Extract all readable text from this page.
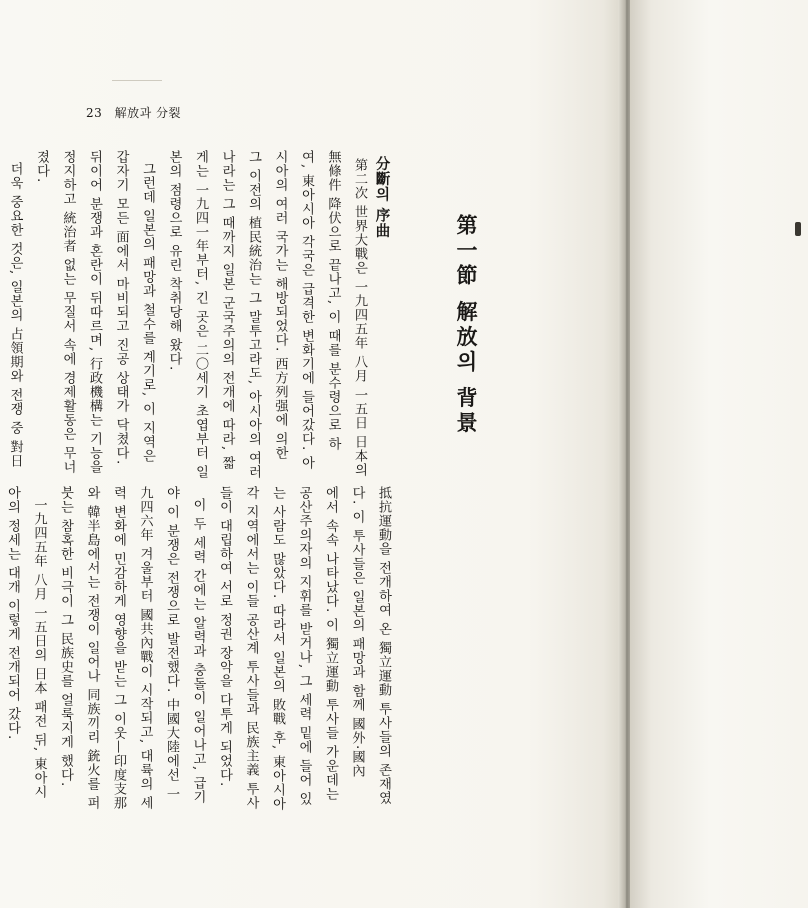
23 解放과 分裂
第一節 解放의 背景
分斷의 序曲
第二次 世界大戰은 一九四五年 八月 一五日 日本의
無條件 降伏으로 끝나고, 이 때를 분수령으로 하
여, 東아시아 각국은 급격한 변화기에 들어갔다. 아
시아의 여러 국가는 해방되었다. 西方列强에 의한
그 이전의 植民統治는 그 말투고라도, 아시아의 여러
나라는 그 때까지 일본 군국주의의 전개에 따라, 짧
게는 一九四一年부터, 긴 곳은 二〇세기 초엽부터 일
본의 점령으로 유린 착취당해 왔다.
그런데 일본의 패망과 철수를 계기로, 이 지역은
갑자기 모든 面에서 마비되고 진공 상태가 닥쳤다.
뒤이어 분쟁과 혼란이 뒤따르며, 行政機構는 기능을
정지하고 統治者 없는 무질서 속에 경제활동은 무너
졌다.
더욱 중요한 것은, 일본의 占領期와 전쟁 중 對日
抵抗運動을 전개하여 온 獨立運動 투사들의 존재였
다. 이 투사들은 일본의 패망과 함께 國外·國內
에서 속속 나타났다. 이 獨立運動 투사들 가운데는
공산주의자의 지휘를 받거나, 그 세력 밑에 들어 있
는 사람도 많았다. 따라서 일본의 敗戰 후, 東아시아
각 지역에서는 이들 공산계 투사들과 民族主義 투사
들이 대립하여 서로 정권 장악을 다투게 되었다.
이 두 세력 간에는 알력과 충돌이 일어나고, 급기
야 이 분쟁은 전쟁으로 발전했다. 中國大陸에선 一
九四六年 겨울부터 國共內戰이 시작되고, 대륙의 세
력 변화에 민감하게 영향을 받는 그 이웃—印度支那
와 韓半島에서는 전쟁이 일어나 同族끼리 銃火를 퍼
붓는 참혹한 비극이 그 民族史를 얼룩지게 했다.
一九四五年 八月 一五日의 日本 패전 뒤, 東아시
아의 정세는 대개 이렇게 전개되어 갔다.
